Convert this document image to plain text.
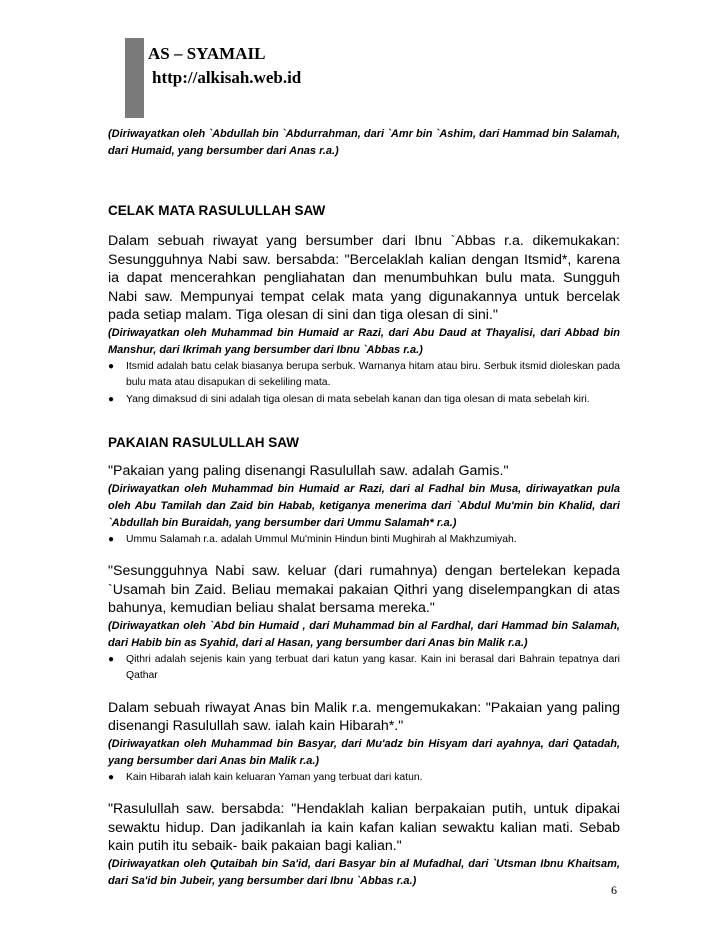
AS – SYAMAIL
http://alkisah.web.id

(Diriwayatkan oleh `Abdullah bin `Abdurrahman, dari `Amr bin `Ashim, dari Hammad bin Salamah, dari Humaid, yang bersumber dari Anas r.a.)

CELAK MATA RASULULLAH SAW

Dalam sebuah riwayat yang bersumber dari Ibnu `Abbas r.a. dikemukakan: Sesungguhnya Nabi saw. bersabda: "Bercelaklah kalian dengan Itsmid*, karena ia dapat mencerahkan pengliahatan dan menumbuhkan bulu mata. Sungguh Nabi saw. Mempunyai tempat celak mata yang digunakannya untuk bercelak pada setiap malam. Tiga olesan di sini dan tiga olesan di sini."

(Diriwayatkan oleh Muhammad bin Humaid ar Razi, dari Abu Daud at Thayalisi, dari Abbad bin Manshur, dari Ikrimah yang bersumber dari Ibnu `Abbas r.a.)

● Itsmid adalah batu celak biasanya berupa serbuk. Warnanya hitam atau biru. Serbuk itsmid dioleskan pada bulu mata atau disapukan di sekeliling mata.
● Yang dimaksud di sini adalah tiga olesan di mata sebelah kanan dan tiga olesan di mata sebelah kiri.
PAKAIAN RASULULLAH SAW

"Pakaian yang paling disenangi Rasulullah saw. adalah Gamis."

(Diriwayatkan oleh Muhammad bin Humaid ar Razi, dari al Fadhal bin Musa, diriwayatkan pula oleh Abu Tamilah dan Zaid bin Habab, ketiganya menerima dari `Abdul Mu'min bin Khalid, dari `Abdullah bin Buraidah, yang bersumber dari Ummu Salamah* r.a.)

● Ummu Salamah r.a. adalah Ummul Mu'minin Hindun binti Mughirah al Makhzumiyah.

"Sesungguhnya Nabi saw. keluar (dari rumahnya) dengan bertelekan kepada `Usamah bin Zaid. Beliau memakai pakaian Qithri yang diselempangkan di atas bahunya, kemudian beliau shalat bersama mereka."

(Diriwayatkan oleh `Abd bin Humaid , dari Muhammad bin al Fardhal, dari Hammad bin Salamah, dari Habib bin as Syahid, dari al Hasan, yang bersumber dari Anas bin Malik r.a.)

● Qithri adalah sejenis kain yang terbuat dari katun yang kasar. Kain ini berasal dari Bahrain tepatnya dari Qathar

Dalam sebuah riwayat Anas bin Malik r.a. mengemukakan: "Pakaian yang paling disenangi Rasulullah saw. ialah kain Hibarah*."

(Diriwayatkan oleh Muhammad bin Basyar, dari Mu'adz bin Hisyam dari ayahnya, dari Qatadah, yang bersumber dari Anas bin Malik r.a.)

● Kain Hibarah ialah kain keluaran Yaman yang terbuat dari katun.

"Rasulullah saw. bersabda: "Hendaklah kalian berpakaian putih, untuk dipakai sewaktu hidup. Dan jadikanlah ia kain kafan kalian sewaktu kalian mati. Sebab kain putih itu sebaik- baik pakaian bagi kalian."

(Diriwayatkan oleh Qutaibah bin Sa'id, dari Basyar bin al Mufadhal, dari `Utsman Ibnu Khaitsam, dari Sa'id bin Jubeir, yang bersumber dari Ibnu `Abbas r.a.)

6
